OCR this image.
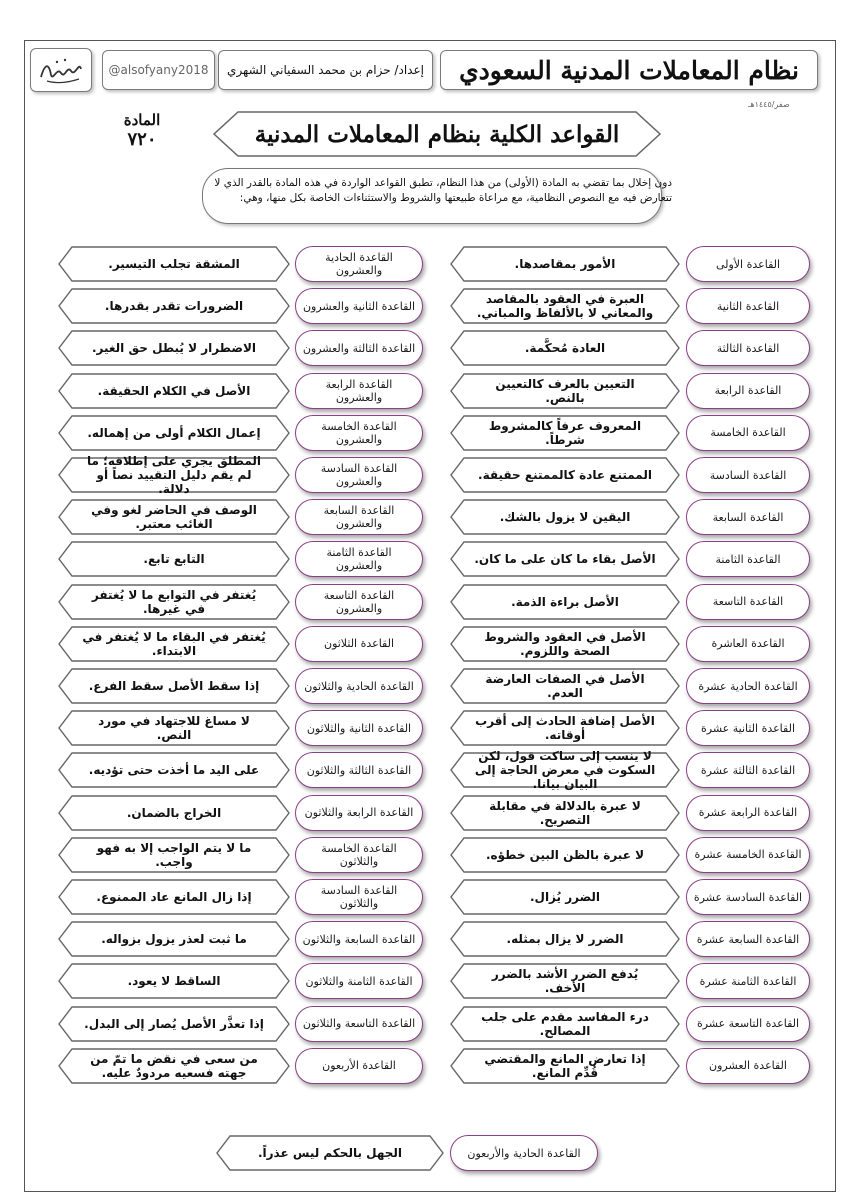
نظام المعاملات المدنية السعودي
إعداد/ حزام بن محمد السفياني الشهري
@alsofyany2018
صفر/١٤٤٥هـ
القواعد الكلية بنظام المعاملات المدنية
المادة
٧٢٠
دون إخلال بما تقضي به المادة (الأولى) من هذا النظام، تطبق القواعد الواردة في هذه المادة بالقدر الذي لا تتعارض فيه مع النصوص النظامية، مع مراعاة طبيعتها والشروط والاستثناءات الخاصة بكل منها، وهي:
القاعدة الأولى
الأمور بمقاصدها.
القاعدة الحادية والعشرون
المشقة تجلب التيسير.
القاعدة الثانية
العبرة في العقود بالمقاصد والمعاني لا بالألفاظ والمباني.
القاعدة الثانية والعشرون
الضرورات تقدر بقدرها.
القاعدة الثالثة
العادة مُحكَّمة.
القاعدة الثالثة والعشرون
الاضطرار لا يُبطل حق الغير.
القاعدة الرابعة
التعيين بالعرف كالتعيين بالنص.
القاعدة الرابعة والعشرون
الأصل في الكلام الحقيقة.
القاعدة الخامسة
المعروف عرفاً كالمشروط شرطاً.
القاعدة الخامسة والعشرون
إعمال الكلام أولى من إهماله.
القاعدة السادسة
الممتنع عادة كالممتنع حقيقة.
القاعدة السادسة والعشرون
المطلق يجري على إطلاقه؛ ما لم يقم دليل التقييد نصاً أو دلالة.
القاعدة السابعة
اليقين لا يزول بالشك.
القاعدة السابعة والعشرون
الوصف في الحاضر لغو وفي الغائب معتبر.
القاعدة الثامنة
الأصل بقاء ما كان على ما كان.
القاعدة الثامنة والعشرون
التابع تابع.
القاعدة التاسعة
الأصل براءة الذمة.
القاعدة التاسعة والعشرون
يُغتفر في التوابع ما لا يُغتفر في غيرها.
القاعدة العاشرة
الأصل في العقود والشروط الصحة واللزوم.
القاعدة الثلاثون
يُغتفر في البقاء ما لا يُغتفر في الابتداء.
القاعدة الحادية عشرة
الأصل في الصفات العارضة العدم.
القاعدة الحادية والثلاثون
إذا سقط الأصل سقط الفرع.
القاعدة الثانية عشرة
الأصل إضافة الحادث إلى أقرب أوقاته.
القاعدة الثانية والثلاثون
لا مساغ للاجتهاد في مورد النص.
القاعدة الثالثة عشرة
لا ينسب إلى ساكت قول، لكن السكوت في معرض الحاجة إلى البيان بيانا.
القاعدة الثالثة والثلاثون
على اليد ما أخذت حتى تؤديه.
القاعدة الرابعة عشرة
لا عبرة بالدلالة في مقابلة التصريح.
القاعدة الرابعة والثلاثون
الخراج بالضمان.
القاعدة الخامسة عشرة
لا عبرة بالظن البين خطؤه.
القاعدة الخامسة والثلاثون
ما لا يتم الواجب إلا به فهو واجب.
القاعدة السادسة عشرة
الضرر يُزال.
القاعدة السادسة والثلاثون
إذا زال المانع عاد الممنوع.
القاعدة السابعة عشرة
الضرر لا يزال بمثله.
القاعدة السابعة والثلاثون
ما ثبت لعذر يزول بزواله.
القاعدة الثامنة عشرة
يُدفع الضرر الأشد بالضرر الأخف.
القاعدة الثامنة والثلاثون
الساقط لا يعود.
القاعدة التاسعة عشرة
درء المفاسد مقدم على جلب المصالح.
القاعدة التاسعة والثلاثون
إذا تعذَّر الأصل يُصار إلى البدل.
القاعدة العشرون
إذا تعارض المانع والمقتضي قُدِّم المانع.
القاعدة الأربعون
من سعى في نقض ما تمّ من جهته فسعيه مردودٌ عليه.
القاعدة الحادية والأربعون
الجهل بالحكم ليس عذراً.
